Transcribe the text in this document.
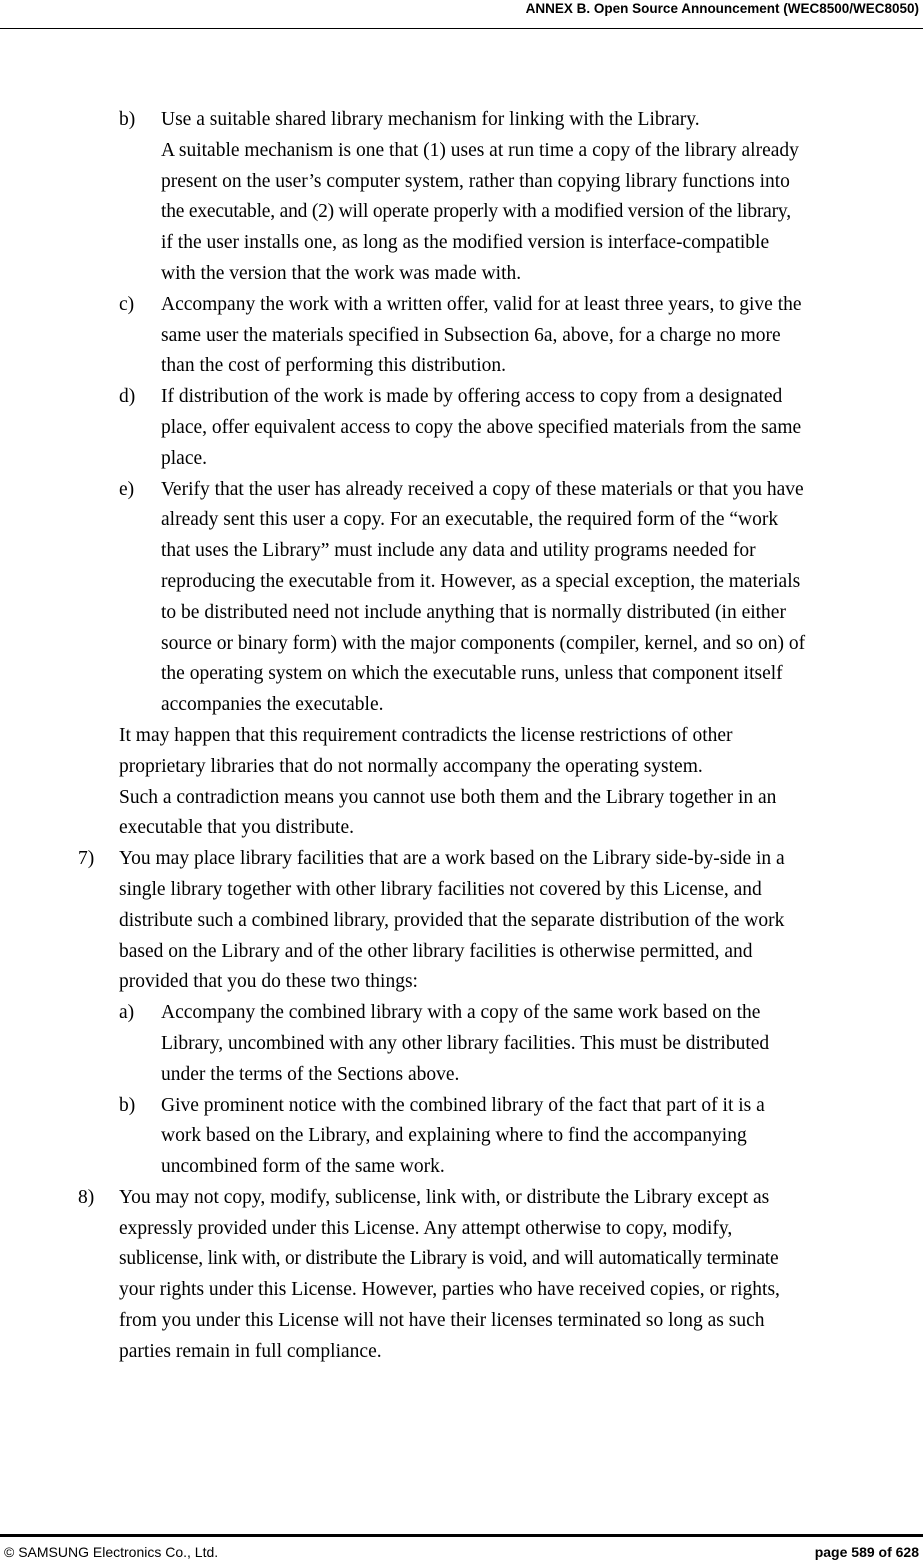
ANNEX B. Open Source Announcement (WEC8500/WEC8050)
b) Use a suitable shared library mechanism for linking with the Library.
A suitable mechanism is one that (1) uses at run time a copy of the library already
present on the user’s computer system, rather than copying library functions into
the executable, and (2) will operate properly with a modified version of the library,
if the user installs one, as long as the modified version is interface-compatible
with the version that the work was made with.
c) Accompany the work with a written offer, valid for at least three years, to give the
same user the materials specified in Subsection 6a, above, for a charge no more
than the cost of performing this distribution.
d) If distribution of the work is made by offering access to copy from a designated
place, offer equivalent access to copy the above specified materials from the same
place.
e) Verify that the user has already received a copy of these materials or that you have
already sent this user a copy. For an executable, the required form of the “work
that uses the Library” must include any data and utility programs needed for
reproducing the executable from it. However, as a special exception, the materials
to be distributed need not include anything that is normally distributed (in either
source or binary form) with the major components (compiler, kernel, and so on) of
the operating system on which the executable runs, unless that component itself
accompanies the executable.
It may happen that this requirement contradicts the license restrictions of other
proprietary libraries that do not normally accompany the operating system.
Such a contradiction means you cannot use both them and the Library together in an
executable that you distribute.
7) You may place library facilities that are a work based on the Library side-by-side in a
single library together with other library facilities not covered by this License, and
distribute such a combined library, provided that the separate distribution of the work
based on the Library and of the other library facilities is otherwise permitted, and
provided that you do these two things:
a) Accompany the combined library with a copy of the same work based on the
Library, uncombined with any other library facilities. This must be distributed
under the terms of the Sections above.
b) Give prominent notice with the combined library of the fact that part of it is a
work based on the Library, and explaining where to find the accompanying
uncombined form of the same work.
8) You may not copy, modify, sublicense, link with, or distribute the Library except as
expressly provided under this License. Any attempt otherwise to copy, modify,
sublicense, link with, or distribute the Library is void, and will automatically terminate
your rights under this License. However, parties who have received copies, or rights,
from you under this License will not have their licenses terminated so long as such
parties remain in full compliance.
© SAMSUNG Electronics Co., Ltd.	page 589 of 628
